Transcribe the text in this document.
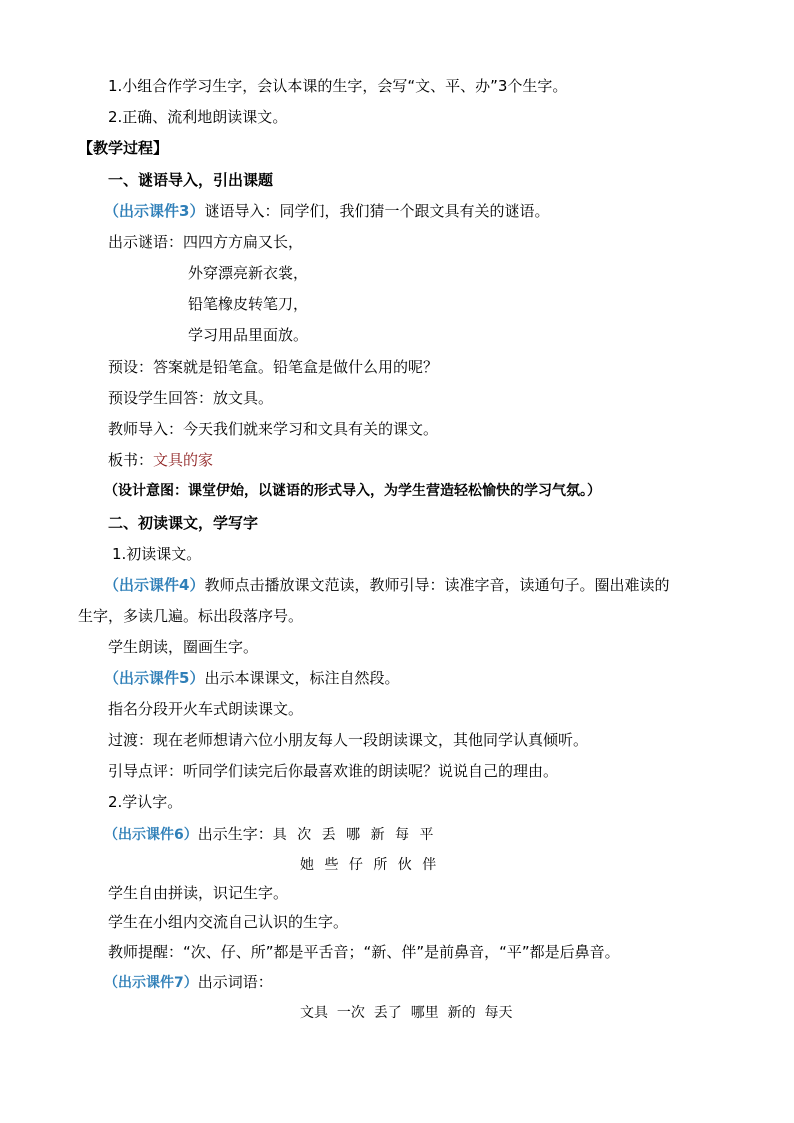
1.小组合作学习生字，会认本课的生字，会写“文、平、办”3个生字。
2.正确、流利地朗读课文。
【教学过程】
一、谜语导入，引出课题
（出示课件3）谜语导入：同学们，我们猜一个跟文具有关的谜语。
出示谜语：四四方方扁又长，
外穿漂亮新衣裳，
铅笔橡皮转笔刀，
学习用品里面放。
预设：答案就是铅笔盒。铅笔盒是做什么用的呢？
预设学生回答：放文具。
教师导入：今天我们就来学习和文具有关的课文。
板书：文具的家
（设计意图：课堂伊始，以谜语的形式导入，为学生营造轻松愉快的学习气氛。）
二、初读课文，学写字
1.初读课文。
（出示课件4）教师点击播放课文范读，教师引导：读准字音，读通句子。圈出难读的
生字，多读几遍。标出段落序号。
学生朗读，圈画生字。
（出示课件5）出示本课课文，标注自然段。
指名分段开火车式朗读课文。
过渡：现在老师想请六位小朋友每人一段朗读课文，其他同学认真倾听。
引导点评：听同学们读完后你最喜欢谁的朗读呢？说说自己的理由。
2.学认字。
（出示课件6）出示生字：具 次 丢 哪 新 每 平
她 些 仔 所 伙 伴
学生自由拼读，识记生字。
学生在小组内交流自己认识的生字。
教师提醒：“次、仔、所”都是平舌音；“新、伴”是前鼻音，“平”都是后鼻音。
（出示课件7）出示词语：
文具  一次  丢了  哪里  新的  每天
